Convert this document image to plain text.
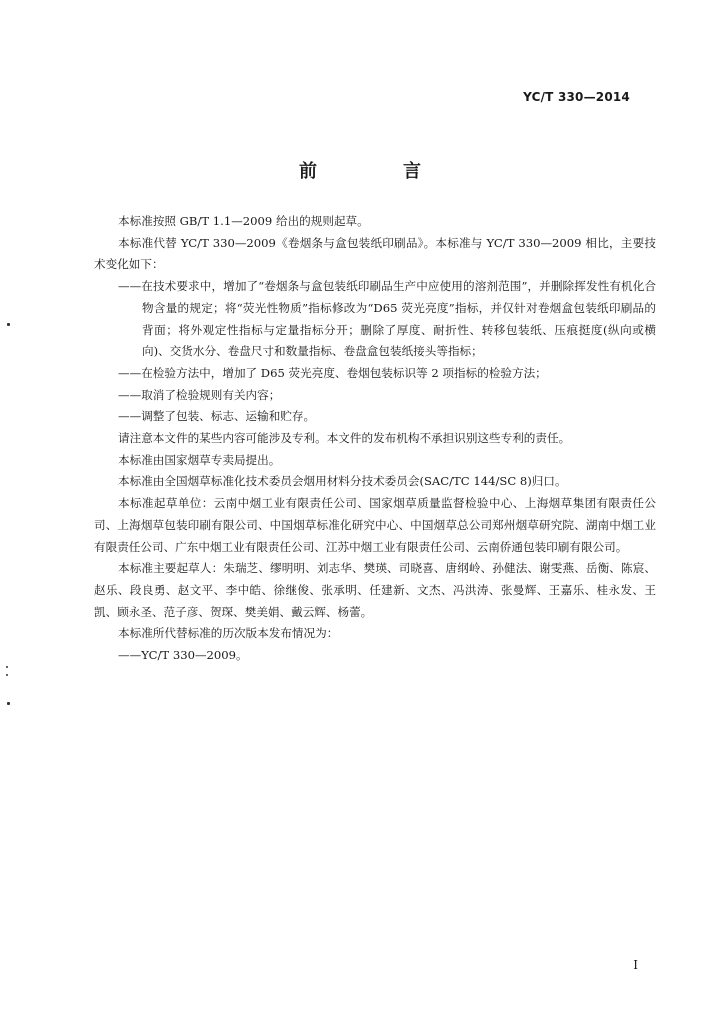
YC/T 330—2014
前　言

本标准按照 GB/T 1.1—2009 给出的规则起草。

本标准代替 YC/T 330—2009《卷烟条与盒包装纸印刷品》。本标准与 YC/T 330—2009 相比，主要技术变化如下：

——在技术要求中，增加了“卷烟条与盒包装纸印刷品生产中应使用的溶剂范围”，并删除挥发性有机化合物含量的规定；将“荧光性物质”指标修改为“D65 荧光亮度”指标，并仅针对卷烟盒包装纸印刷品的背面；将外观定性指标与定量指标分开；删除了厚度、耐折性、转移包装纸、压痕挺度(纵向或横向)、交货水分、卷盘尺寸和数量指标、卷盘盒包装纸接头等指标；

——在检验方法中，增加了 D65 荧光亮度、卷烟包装标识等 2 项指标的检验方法；

——取消了检验规则有关内容；

——调整了包装、标志、运输和贮存。

请注意本文件的某些内容可能涉及专利。本文件的发布机构不承担识别这些专利的责任。

本标准由国家烟草专卖局提出。

本标准由全国烟草标准化技术委员会烟用材料分技术委员会(SAC/TC 144/SC 8)归口。

本标准起草单位：云南中烟工业有限责任公司、国家烟草质量监督检验中心、上海烟草集团有限责任公司、上海烟草包装印刷有限公司、中国烟草标准化研究中心、中国烟草总公司郑州烟草研究院、湖南中烟工业有限责任公司、广东中烟工业有限责任公司、江苏中烟工业有限责任公司、云南侨通包装印刷有限公司。

本标准主要起草人：朱瑞芝、缪明明、刘志华、樊瑛、司晓喜、唐纲岭、孙健法、谢雯燕、岳衡、陈宸、赵乐、段良勇、赵文平、李中皓、徐继俊、张承明、任建新、文杰、冯洪涛、张曼辉、王嘉乐、桂永发、王凯、顾永圣、范子彦、贺琛、樊美娟、戴云辉、杨蕾。

本标准所代替标准的历次版本发布情况为：

——YC/T 330—2009。

I
